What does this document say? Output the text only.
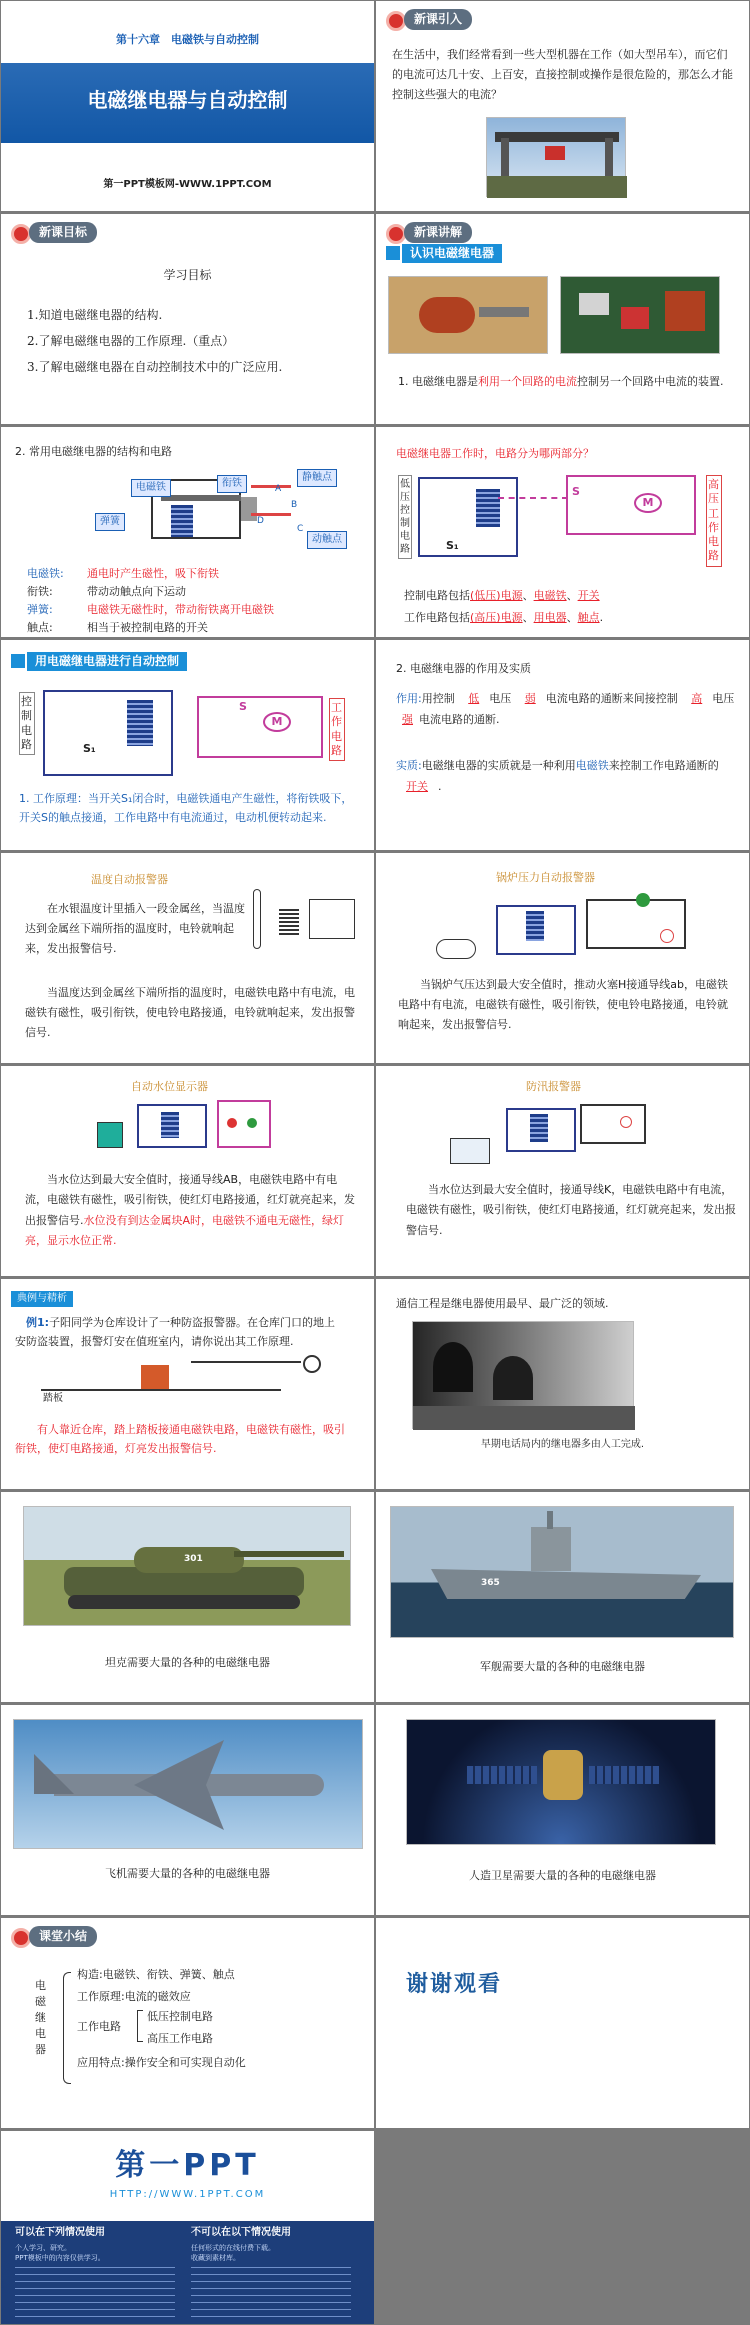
第十六章　电磁铁与自动控制
电磁继电器与自动控制
第一PPT模板网-WWW.1PPT.COM
新课引入
在生活中，我们经常看到一些大型机器在工作（如大型吊车），而它们的电流可达几十安、上百安，直接控制或操作是很危险的，那怎么才能控制这些强大的电流？
新课目标
学习目标
1.知道电磁继电器的结构.
2.了解电磁继电器的工作原理.（重点）
3.了解电磁继电器在自动控制技术中的广泛应用.
新课讲解
认识电磁继电器
1. 电磁继电器是利用一个回路的电流控制另一个回路中电流的装置.
2. 常用电磁继电器的结构和电路
电磁铁	衔铁
静触点
弹簧
动触点
A
B
C
D
电磁铁: 通电时产生磁性，吸下衔铁
衔铁:	带动动触点向下运动
弹簧:	电磁铁无磁性时，带动衔铁离开电磁铁
触点:	相当于被控制电路的开关
电磁继电器工作时，电路分为哪两部分？
低压控制电路
高压工作电路
S
S₁
M
控制电路包括(低压)电源、电磁铁、开关
工作电路包括(高压)电源、用电器、触点.
用电磁继电器进行自动控制
控制电路
工作电路
S
S₁
M
1. 工作原理：当开关S₁闭合时，电磁铁通电产生磁性，将衔铁吸下，开关S的触点接通，工作电路中有电流通过，电动机便转动起来.
2. 电磁继电器的作用及实质
作用:用控制 低 电压 弱 电流电路的通断来间接控制 高 电压 强 电流电路的通断.
实质:电磁继电器的实质就是一种利用电磁铁来控制工作电路通断的开关 .
温度自动报警器
在水银温度计里插入一段金属丝，当温度达到金属丝下端所指的温度时，电铃就响起来，发出报警信号.
当温度达到金属丝下端所指的温度时，电磁铁电路中有电流，电磁铁有磁性，吸引衔铁，使电铃电路接通，电铃就响起来，发出报警信号.
锅炉压力自动报警器
当锅炉气压达到最大安全值时，推动火塞H接通导线ab，电磁铁电路中有电流，电磁铁有磁性，吸引衔铁，使电铃电路接通，电铃就响起来，发出报警信号.
自动水位显示器
当水位达到最大安全值时，接通导线AB，电磁铁电路中有电流，电磁铁有磁性，吸引衔铁，使红灯电路接通，红灯就亮起来，发出报警信号.水位没有到达金属块A时，电磁铁不通电无磁性，绿灯亮，显示水位正常.
防汛报警器
当水位达到最大安全值时，接通导线K，电磁铁电路中有电流，电磁铁有磁性，吸引衔铁，使红灯电路接通，红灯就亮起来，发出报警信号.
典例与精析
例1:子阳同学为仓库设计了一种防盗报警器。在仓库门口的地上安防盗装置，报警灯安在值班室内，请你说出其工作原理.
踏板
有人靠近仓库，踏上踏板接通电磁铁电路，电磁铁有磁性，吸引衔铁，使灯电路接通，灯亮发出报警信号.
通信工程是继电器使用最早、最广泛的领域.
早期电话局内的继电器多由人工完成.
301
坦克需要大量的各种的电磁继电器
365
军舰需要大量的各种的电磁继电器
飞机需要大量的各种的电磁继电器	人造卫星需要大量的各种的电磁继电器
课堂小结
电磁继电器
构造:电磁铁、衔铁、弹簧、触点
工作原理:电流的磁效应
工作电路
低压控制电路
高压工作电路
应用特点:操作安全和可实现自动化
谢谢观看
第一PPT
HTTP://WWW.1PPT.COM
可以在下列情况使用	不可以在以下情况使用
个人学习、研究。
PPT模板中的内容仅供学习。
任何形式的在线付费下载。
收藏到素材库。
